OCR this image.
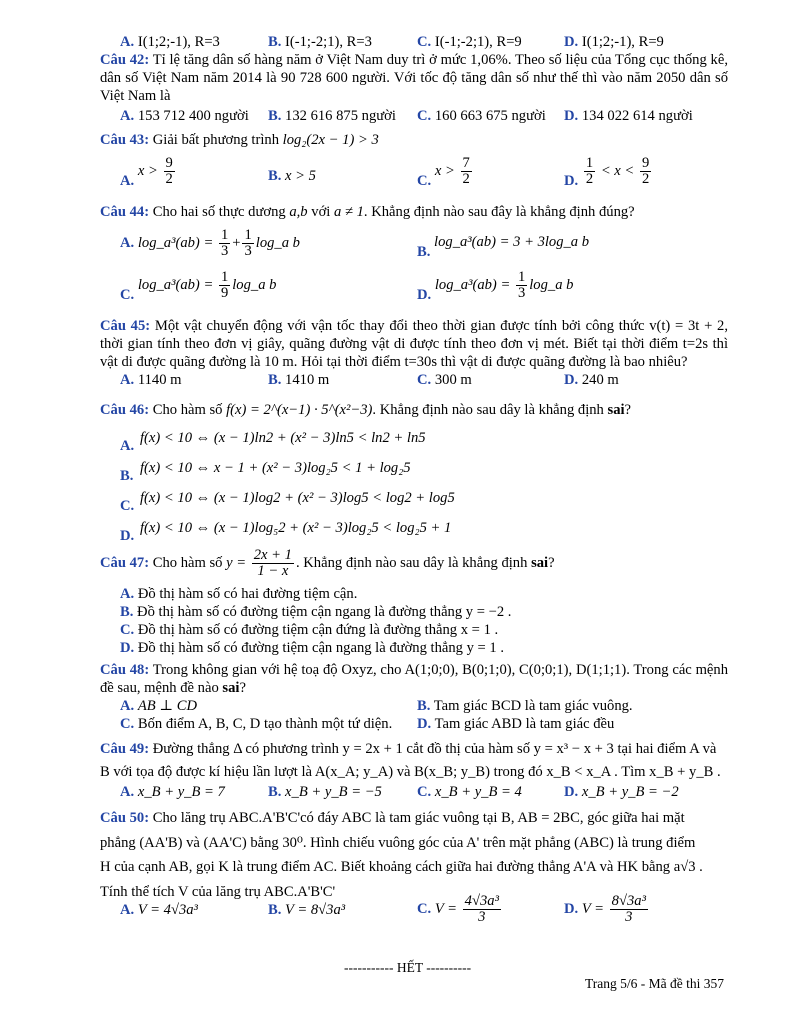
A. I(1;2;-1), R=3	B. I(-1;-2;1), R=3	C. I(-1;-2;1), R=9	D. I(1;2;-1), R=9
Câu 42: Tỉ lệ tăng dân số hàng năm ở Việt Nam duy trì ở mức 1,06%. Theo số liệu của Tổng cục thống kê, dân số Việt Nam năm 2014 là 90 728 600 người. Với tốc độ tăng dân số như thế thì vào năm 2050 dân số Việt Nam là
A. 153 712 400 người B. 132 616 875 người C. 160 663 675 người D. 134 022 614 người
Câu 43: Giải bất phương trình log₂(2x − 1) > 3
A. $x > \frac{9}{2}$	B. x > 5	C. $x > \frac{7}{2}$	D. $\frac{1}{2} < x < \frac{9}{2}$
Câu 44: Cho hai số thực dương a,b với a ≠ 1. Khẳng định nào sau đây là khẳng định đúng?
A. log_a³(ab) = $\frac{1}{3} + \frac{1}{3}$ log_a b
B. log_a³(ab) = 3 + 3log_a b
C. log_a³(ab) = $\frac{1}{9}$ log_a b
D. log_a³(ab) = $\frac{1}{3}$ log_a b
Câu 45: Một vật chuyển động với vận tốc thay đổi theo thời gian được tính bởi công thức v(t) = 3t + 2, thời gian tính theo đơn vị giây, quãng đường vật di được tính theo đơn vị mét. Biết tại thời điểm t=2s thì vật di được quãng đường là 10 m. Hỏi tại thời điểm t=30s thì vật di được quãng đường là bao nhiêu?
A. 1140 m	B. 1410 m	C. 300 m	D. 240 m
Câu 46: Cho hàm số f(x) = 2^(x−1) · 5^(x²−3). Khẳng định nào sau dây là khẳng định sai?
A. f(x) < 10 ⇔ (x − 1)ln2 + (x² − 3)ln5 < ln2 + ln5
B. f(x) < 10 ⇔ x − 1 + (x² − 3)log₂5 < 1 + log₂5
C. f(x) < 10 ⇔ (x − 1)log2 + (x² − 3)log5 < log2 + log5
D. f(x) < 10 ⇔ (x − 1)log₅2 + (x² − 3)log₂5 < log₂5 + 1
Câu 47: Cho hàm số $y = \frac{2x + 1}{1 - x}$ . Khẳng định nào sau dây là khẳng định sai?
A. Đồ thị hàm số có hai đường tiệm cận.
B. Đồ thị hàm số có đường tiệm cận ngang là đường thẳng y = −2 .
C. Đồ thị hàm số có đường tiệm cận đứng là đường thẳng x = 1 .
D. Đồ thị hàm số có đường tiệm cận ngang là đường thẳng y = 1 .
Câu 48: Trong không gian với hệ toạ độ Oxyz, cho A(1;0;0), B(0;1;0), C(0;0;1), D(1;1;1). Trong các mệnh đề sau, mệnh đề nào sai?
A. AB ⊥ CD	B. Tam giác BCD là tam giác vuông.
C. Bốn điểm A, B, C, D tạo thành một tứ diện. D. Tam giác ABD là tam giác đều
Câu 49: Đường thẳng Δ có phương trình y = 2x + 1 cắt đồ thị của hàm số y = x³ − x + 3 tại hai điểm A và
B với tọa độ được kí hiệu lần lượt là A(x_A; y_A) và B(x_B; y_B) trong đó x_B < x_A . Tìm x_B + y_B .
A. x_B + y_B = 7	B. x_B + y_B = −5 C. x_B + y_B = 4	D. x_B + y_B = −2
Câu 50: Cho lăng trụ ABC.A'B'C'có đáy ABC là tam giác vuông tại B, AB = 2BC, góc giữa hai mặt
phẳng (AA'B) và (AA'C) bằng 30⁰. Hình chiếu vuông góc của A' trên mặt phẳng (ABC) là trung điểm
H của cạnh AB, gọi K là trung điểm AC. Biết khoảng cách giữa hai đường thẳng A'A và HK bằng a√3 .
Tính thể tích V của lăng trụ ABC.A'B'C'
A. V = 4√3a³	B. V = 8√3a³	C. $V = \frac{\text{4√3a³}}{3}$	D. $V = \frac{\text{8√3a³}}{3}$
----------- HẾT ----------
Trang 5/6 - Mã đề thi 357
